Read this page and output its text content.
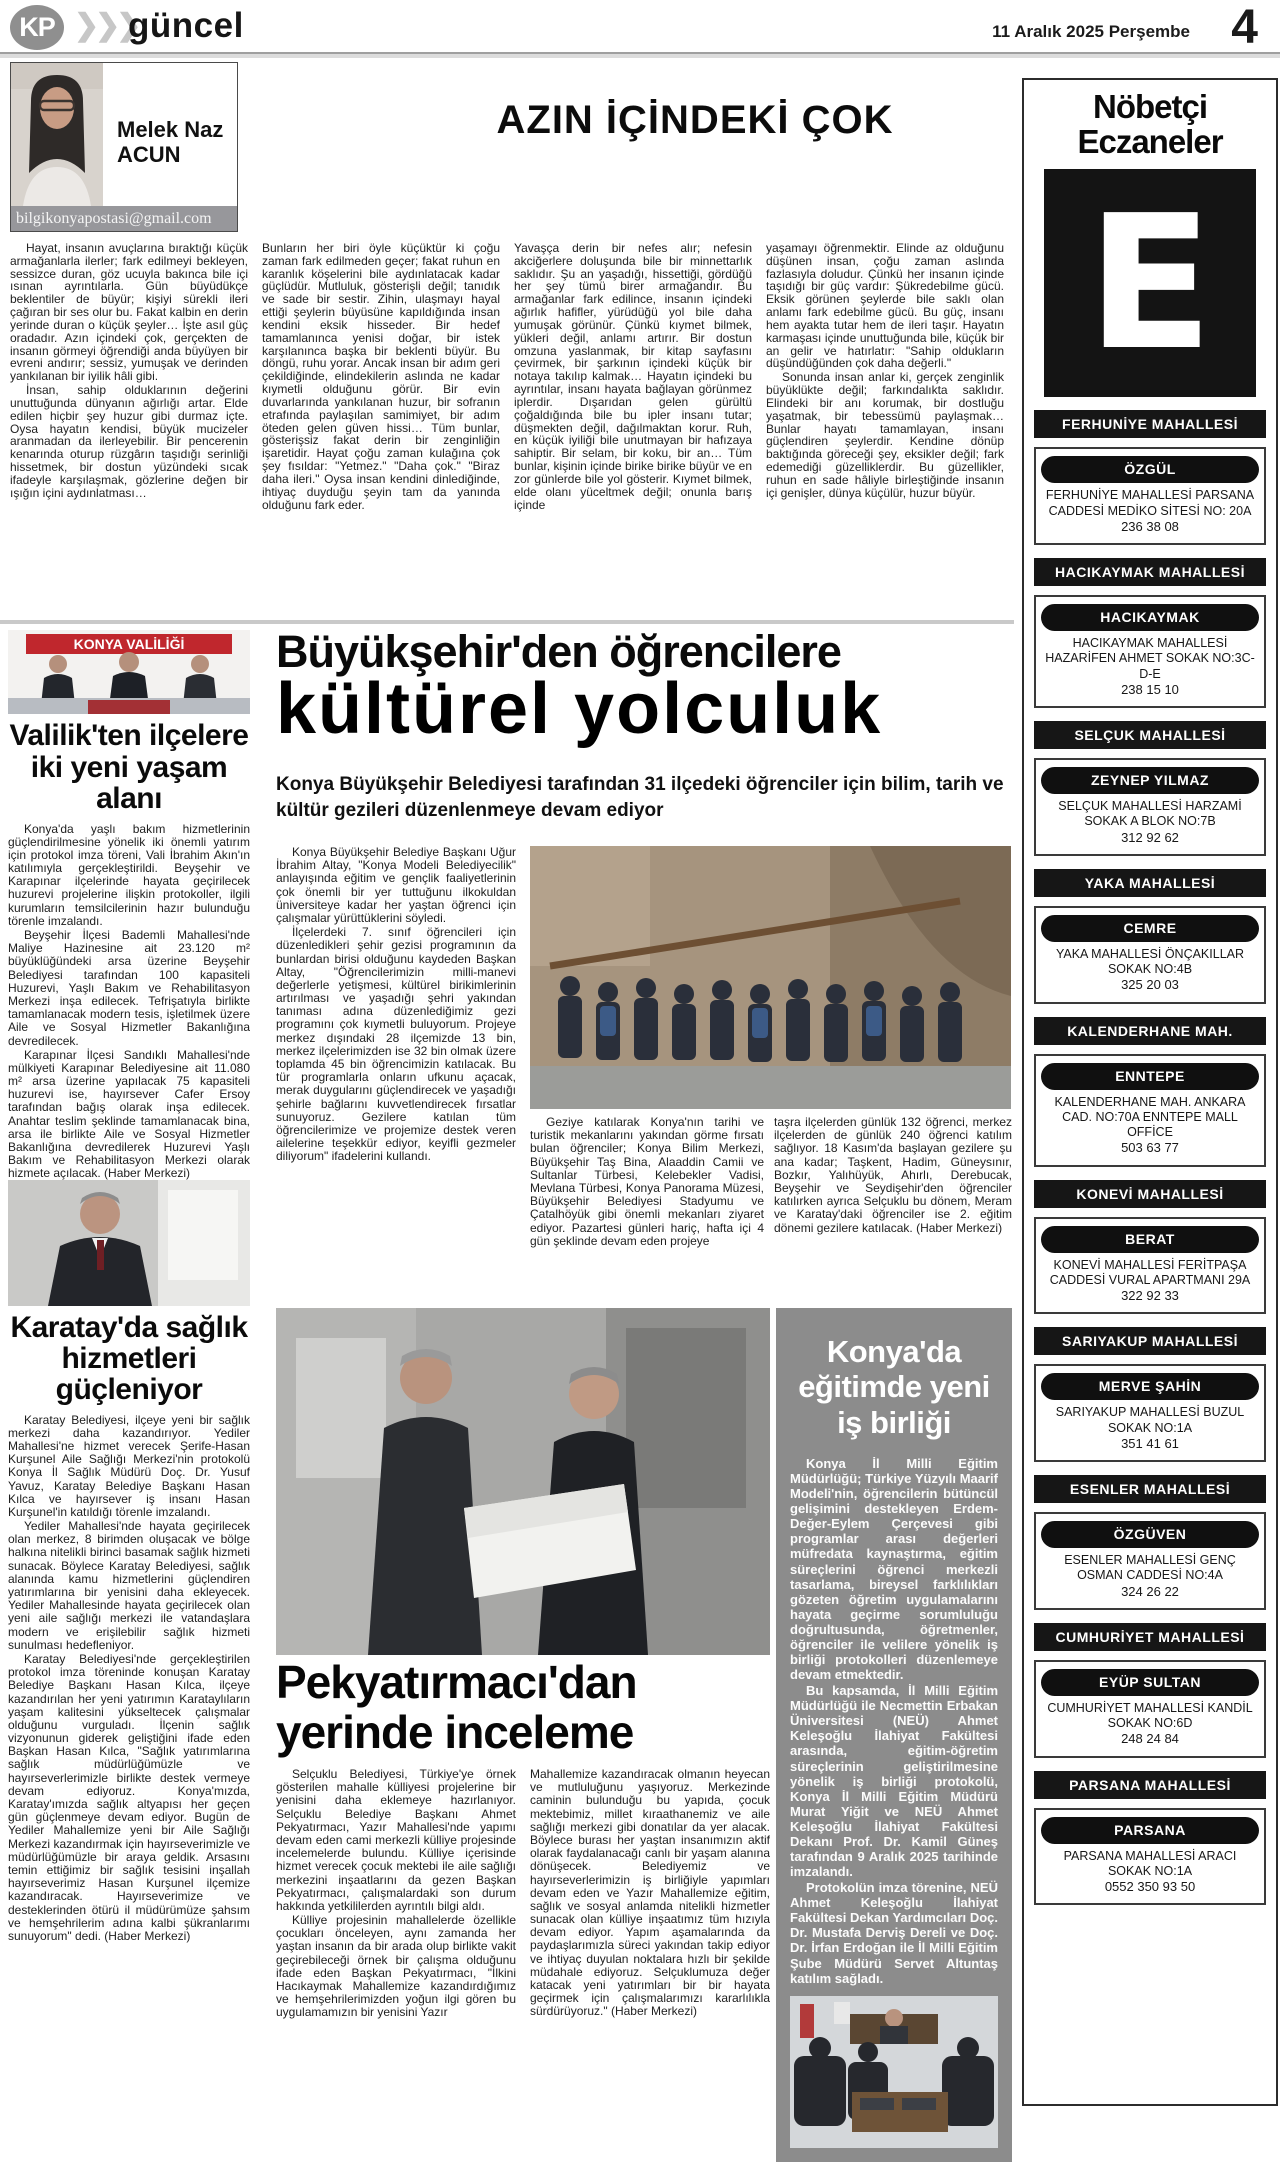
KP ❯❯❯
güncel	11 Aralık 2025 Perşembe 4
Melek Naz
ACUN
bilgikonyapostasi@gmail.com
AZIN İÇİNDEKİ ÇOK

Hayat, insanın avuçlarına bıraktığı küçük armağanlarla ilerler; fark edilmeyi bekleyen, sessizce duran, göz ucuyla bakınca bile içi ısınan ayrıntılarla. Gün büyüdükçe beklentiler de büyür; kişiyi sürekli ileri çağıran bir ses olur bu. Fakat kalbin en derin yerinde duran o küçük şeyler… İşte asıl güç oradadır. Azın içindeki çok, gerçekten de insanın görmeyi öğrendiği anda büyüyen bir evreni andırır; sessiz, yumuşak ve derinden yankılanan bir iyilik hâli gibi.

İnsan, sahip olduklarının değerini unuttuğunda dünyanın ağırlığı artar. Elde edilen hiçbir şey huzur gibi durmaz içte. Oysa hayatın kendisi, büyük mucizeler aranmadan da ilerleyebilir. Bir pencerenin kenarında oturup rüzgârın taşıdığı serinliği hissetmek, bir dostun yüzündeki sıcak ifadeyle karşılaşmak, gözlerine değen bir ışığın içini aydınlatması…

Bunların her biri öyle küçüktür ki çoğu zaman fark edilmeden geçer; fakat ruhun en karanlık köşelerini bile aydınlatacak kadar güçlüdür. Mutluluk, gösterişli değil; tanıdık ve sade bir sestir. Zihin, ulaşmayı hayal ettiği şeylerin büyüsüne kapıldığında insan kendini eksik hisseder. Bir hedef tamamlanınca yenisi doğar, bir istek karşılanınca başka bir beklenti büyür. Bu döngü, ruhu yorar. Ancak insan bir adım geri çekildiğinde, elindekilerin aslında ne kadar kıymetli olduğunu görür. Bir evin duvarlarında yankılanan huzur, bir sofranın etrafında paylaşılan samimiyet, bir adım öteden gelen güven hissi… Tüm bunlar, gösterişsiz fakat derin bir zenginliğin işaretidir. Hayat çoğu zaman kulağına çok şey fısıldar: "Yetmez." "Daha çok." "Biraz daha ileri." Oysa insan kendini dinlediğinde, ihtiyaç duyduğu şeyin tam da yanında olduğunu fark eder.

Yavaşça derin bir nefes alır; nefesin akciğerlere doluşunda bile bir minnettarlık saklıdır. Şu an yaşadığı, hissettiği, gördüğü her şey tümü birer armağandır. Bu armağanlar fark edilince, insanın içindeki ağırlık hafifler, yürüdüğü yol bile daha yumuşak görünür. Çünkü kıymet bilmek, yükleri değil, anlamı artırır. Bir dostun omzuna yaslanmak, bir kitap sayfasını çevirmek, bir şarkının içindeki küçük bir notaya takılıp kalmak… Hayatın içindeki bu ayrıntılar, insanı hayata bağlayan görünmez iplerdir. Dışarıdan gelen gürültü çoğaldığında bile bu ipler insanı tutar; düşmekten değil, dağılmaktan korur. Ruh, en küçük iyiliği bile unutmayan bir hafızaya sahiptir. Bir selam, bir koku, bir an… Tüm bunlar, kişinin içinde birike birike büyür ve en zor günlerde bile yol gösterir. Kıymet bilmek, elde olanı yüceltmek değil; onunla barış içinde

yaşamayı öğrenmektir. Elinde az olduğunu düşünen insan, çoğu zaman aslında fazlasıyla doludur. Çünkü her insanın içinde taşıdığı bir güç vardır: Şükredebilme gücü. Eksik görünen şeylerde bile saklı olan anlamı fark edebilme gücü. Bu güç, insanı hem ayakta tutar hem de ileri taşır. Hayatın karmaşası içinde unuttuğunda bile, küçük bir an gelir ve hatırlatır: "Sahip oldukların düşündüğünden çok daha değerli."

Sonunda insan anlar ki, gerçek zenginlik büyüklükte değil; farkındalıkta saklıdır. Elindeki bir anı korumak, bir dostluğu yaşatmak, bir tebessümü paylaşmak… Bunlar hayatı tamamlayan, insanı güçlendiren şeylerdir. Kendine dönüp baktığında göreceği şey, eksikler değil; fark edemediği güzelliklerdir. Bu güzellikler, ruhun en sade hâliyle birleştiğinde insanın içi genişler, dünya küçülür, huzur büyür.

KONYA VALİLİĞİ
Valilik'ten ilçelere iki yeni yaşam alanı

Konya'da yaşlı bakım hizmetlerinin güçlendirilmesine yönelik iki önemli yatırım için protokol imza töreni, Vali İbrahim Akın'ın katılımıyla gerçekleştirildi. Beyşehir ve Karapınar ilçelerinde hayata geçirilecek huzurevi projelerine ilişkin protokoller, ilgili kurumların temsilcilerinin hazır bulunduğu törenle imzalandı.

Beyşehir İlçesi Bademli Mahallesi'nde Maliye Hazinesine ait 23.120 m² büyüklüğündeki arsa üzerine Beyşehir Belediyesi tarafından 100 kapasiteli Huzurevi, Yaşlı Bakım ve Rehabilitasyon Merkezi inşa edilecek. Tefrişatıyla birlikte tamamlanacak modern tesis, işletilmek üzere Aile ve Sosyal Hizmetler Bakanlığına devredilecek.

Karapınar İlçesi Sandıklı Mahallesi'nde mülkiyeti Karapınar Belediyesine ait 11.080 m² arsa üzerine yapılacak 75 kapasiteli huzurevi ise, hayırsever Cafer Ersoy tarafından bağış olarak inşa edilecek. Anahtar teslim şeklinde tamamlanacak bina, arsa ile birlikte Aile ve Sosyal Hizmetler Bakanlığına devredilerek Huzurevi Yaşlı Bakım ve Rehabilitasyon Merkezi olarak hizmete açılacak. (Haber Merkezi)

Karatay'da sağlık hizmetleri güçleniyor

Karatay Belediyesi, ilçeye yeni bir sağlık merkezi daha kazandırıyor. Yediler Mahallesi'ne hizmet verecek Şerife-Hasan Kurşunel Aile Sağlığı Merkezi'nin protokolü Konya İl Sağlık Müdürü Doç. Dr. Yusuf Yavuz, Karatay Belediye Başkanı Hasan Kılca ve hayırsever iş insanı Hasan Kurşunel'in katıldığı törenle imzalandı.

Yediler Mahallesi'nde hayata geçirilecek olan merkez, 8 birimden oluşacak ve bölge halkına nitelikli birinci basamak sağlık hizmeti sunacak. Böylece Karatay Belediyesi, sağlık alanında kamu hizmetlerini güçlendiren yatırımlarına bir yenisini daha ekleyecek. Yediler Mahallesinde hayata geçirilecek olan yeni aile sağlığı merkezi ile vatandaşlara modern ve erişilebilir sağlık hizmeti sunulması hedefleniyor.

Karatay Belediyesi'nde gerçekleştirilen protokol imza töreninde konuşan Karatay Belediye Başkanı Hasan Kılca, ilçeye kazandırılan her yeni yatırımın Karataylıların yaşam kalitesini yükseltecek çalışmalar olduğunu vurguladı. İlçenin sağlık vizyonunun giderek geliştiğini ifade eden Başkan Hasan Kılca, "Sağlık yatırımlarına sağlık müdürlüğümüzle ve hayırseverlerimizle birlikte destek vermeye devam ediyoruz. Konya'mızda, Karatay'ımızda sağlık altyapısı her geçen gün güçlenmeye devam ediyor. Bugün de Yediler Mahallemize yeni bir Aile Sağlığı Merkezi kazandırmak için hayırseverimizle ve müdürlüğümüzle bir araya geldik. Arsasını temin ettiğimiz bir sağlık tesisini inşallah hayırseverimiz Hasan Kurşunel ilçemize kazandıracak. Hayırseverimize ve desteklerinden ötürü il müdürümüze şahsım ve hemşehrilerim adına kalbi şükranlarımı sunuyorum" dedi. (Haber Merkezi)

Büyükşehir'den öğrencilere
kültürel yolculuk
Konya Büyükşehir Belediyesi tarafından 31 ilçedeki öğrenciler için bilim, tarih ve kültür gezileri düzenlenmeye devam ediyor

Konya Büyükşehir Belediye Başkanı Uğur İbrahim Altay, "Konya Modeli Belediyecilik" anlayışında eğitim ve gençlik faaliyetlerinin çok önemli bir yer tuttuğunu ilkokuldan üniversiteye kadar her yaştan öğrenci için çalışmalar yürüttüklerini söyledi.

İlçelerdeki 7. sınıf öğrencileri için düzenledikleri şehir gezisi programının da bunlardan birisi olduğunu kaydeden Başkan Altay, "Öğrencilerimizin milli-manevi değerlerle yetişmesi, kültürel birikimlerinin artırılması ve yaşadığı şehri yakından tanıması adına düzenlediğimiz gezi programını çok kıymetli buluyorum. Projeye merkez dışındaki 28 ilçemizde 13 bin, merkez ilçelerimizden ise 32 bin olmak üzere toplamda 45 bin öğrencimizin katılacak. Bu tür programlarla onların ufkunu açacak, merak duygularını güçlendirecek ve yaşadığı şehirle bağlarını kuvvetlendirecek fırsatlar sunuyoruz. Gezilere katılan tüm öğrencilerimize ve projemize destek veren ailelerine teşekkür ediyor, keyifli gezmeler diliyorum" ifadelerini kullandı.

Geziye katılarak Konya'nın tarihi ve turistik mekanlarını yakından görme fırsatı bulan öğrenciler; Konya Bilim Merkezi, Büyükşehir Taş Bina, Alaaddin Camii ve Sultanlar Türbesi, Kelebekler Vadisi, Mevlana Türbesi, Konya Panorama Müzesi, Büyükşehir Belediyesi Stadyumu ve Çatalhöyük gibi önemli mekanları ziyaret ediyor. Pazartesi günleri hariç, hafta içi 4 gün şeklinde devam eden projeye

taşra ilçelerden günlük 132 öğrenci, merkez ilçelerden de günlük 240 öğrenci katılım sağlıyor. 18 Kasım'da başlayan gezilere şu ana kadar; Taşkent, Hadim, Güneysınır, Bozkır, Yalıhüyük, Ahırlı, Derebucak, Beyşehir ve Seydişehir'den öğrenciler katılırken ayrıca Selçuklu bu dönem, Meram ve Karatay'daki öğrenciler ise 2. eğitim dönemi gezilere katılacak. (Haber Merkezi)

Pekyatırmacı'dan yerinde inceleme

Selçuklu Belediyesi, Türkiye'ye örnek gösterilen mahalle külliyesi projelerine bir yenisini daha eklemeye hazırlanıyor. Selçuklu Belediye Başkanı Ahmet Pekyatırmacı, Yazır Mahallesi'nde yapımı devam eden cami merkezli külliye projesinde incelemelerde bulundu. Külliye içerisinde hizmet verecek çocuk mektebi ile aile sağlığı merkezini inşaatlarını da gezen Başkan Pekyatırmacı, çalışmalardaki son durum hakkında yetkililerden ayrıntılı bilgi aldı.

Külliye projesinin mahallelerde özellikle çocukları önceleyen, aynı zamanda her yaştan insanın da bir arada olup birlikte vakit geçirebileceği örnek bir çalışma olduğunu ifade eden Başkan Pekyatırmacı, "İlkini Hacıkaymak Mahallemize kazandırdığımız ve hemşehrilerimizden yoğun ilgi gören bu uygulamamızın bir yenisini Yazır

Mahallemize kazandıracak olmanın heyecan ve mutluluğunu yaşıyoruz. Merkezinde caminin bulunduğu bu yapıda, çocuk mektebimiz, millet kıraathanemiz ve aile sağlığı merkezi gibi donatılar da yer alacak. Böylece burası her yaştan insanımızın aktif olarak faydalanacağı canlı bir yaşam alanına dönüşecek. Belediyemiz ve hayırseverlerimizin iş birliğiyle yapımları devam eden ve Yazır Mahallemize eğitim, sağlık ve sosyal anlamda nitelikli hizmetler sunacak olan külliye inşaatımız tüm hızıyla devam ediyor. Yapım aşamalarında da paydaşlarımızla süreci yakından takip ediyor ve ihtiyaç duyulan noktalara hızlı bir şekilde müdahale ediyoruz. Selçuklumuza değer katacak yeni yatırımları bir bir hayata geçirmek için çalışmalarımızı kararlılıkla sürdürüyoruz." (Haber Merkezi)

Konya'da eğitimde yeni iş birliği

Konya İl Milli Eğitim Müdürlüğü; Türkiye Yüzyılı Maarif Modeli'nin, öğrencilerin bütüncül gelişimini destekleyen Erdem-Değer-Eylem Çerçevesi gibi programlar arası değerleri müfredata kaynaştırma, eğitim süreçlerini öğrenci merkezli tasarlama, bireysel farklılıkları gözeten öğretim uygulamalarını hayata geçirme sorumluluğu doğrultusunda, öğretmenler, öğrenciler ile velilere yönelik iş birliği protokolleri düzenlemeye devam etmektedir.

Bu kapsamda, İl Milli Eğitim Müdürlüğü ile Necmettin Erbakan Üniversitesi (NEÜ) Ahmet Keleşoğlu İlahiyat Fakültesi arasında, eğitim-öğretim süreçlerinin geliştirilmesine yönelik iş birliği protokolü, Konya İl Milli Eğitim Müdürü Murat Yiğit ve NEÜ Ahmet Keleşoğlu İlahiyat Fakültesi Dekanı Prof. Dr. Kamil Güneş tarafından 9 Aralık 2025 tarihinde imzalandı.

Protokolün imza törenine, NEÜ Ahmet Keleşoğlu İlahiyat Fakültesi Dekan Yardımcıları Doç. Dr. Mustafa Derviş Dereli ve Doç. Dr. İrfan Erdoğan ile İl Milli Eğitim Şube Müdürü Servet Altuntaş katılım sağladı.

Nöbetçi
Eczaneler
E
FERHUNİYE MAHALLESİ
ÖZGÜL
FERHUNİYE MAHALLESİ PARSANA CADDESİ MEDİKO SİTESİ NO: 20A
236 38 08
HACIKAYMAK MAHALLESİ
HACIKAYMAK
HACIKAYMAK MAHALLESİ HAZARİFEN AHMET SOKAK NO:3C-D-E
238 15 10
SELÇUK MAHALLESİ
ZEYNEP YILMAZ
SELÇUK MAHALLESİ HARZAMİ SOKAK A BLOK NO:7B
312 92 62
YAKA MAHALLESİ
CEMRE
YAKA MAHALLESİ ÖNÇAKILLAR SOKAK NO:4B
325 20 03
KALENDERHANE MAH.
ENNTEPE
KALENDERHANE MAH. ANKARA CAD. NO:70A ENNTEPE MALL OFFİCE
503 63 77
KONEVİ MAHALLESİ
BERAT
KONEVİ MAHALLESİ FERİTPAŞA CADDESİ VURAL APARTMANI 29A
322 92 33
SARIYAKUP MAHALLESİ
MERVE ŞAHİN
SARIYAKUP MAHALLESİ BUZUL SOKAK NO:1A
351 41 61
ESENLER MAHALLESİ
ÖZGÜVEN
ESENLER MAHALLESİ GENÇ OSMAN CADDESİ NO:4A
324 26 22
CUMHURİYET MAHALLESİ
EYÜP SULTAN
CUMHURİYET MAHALLESİ KANDİL SOKAK NO:6D
248 24 84
PARSANA MAHALLESİ
PARSANA
PARSANA MAHALLESİ ARACI SOKAK NO:1A
0552 350 93 50
